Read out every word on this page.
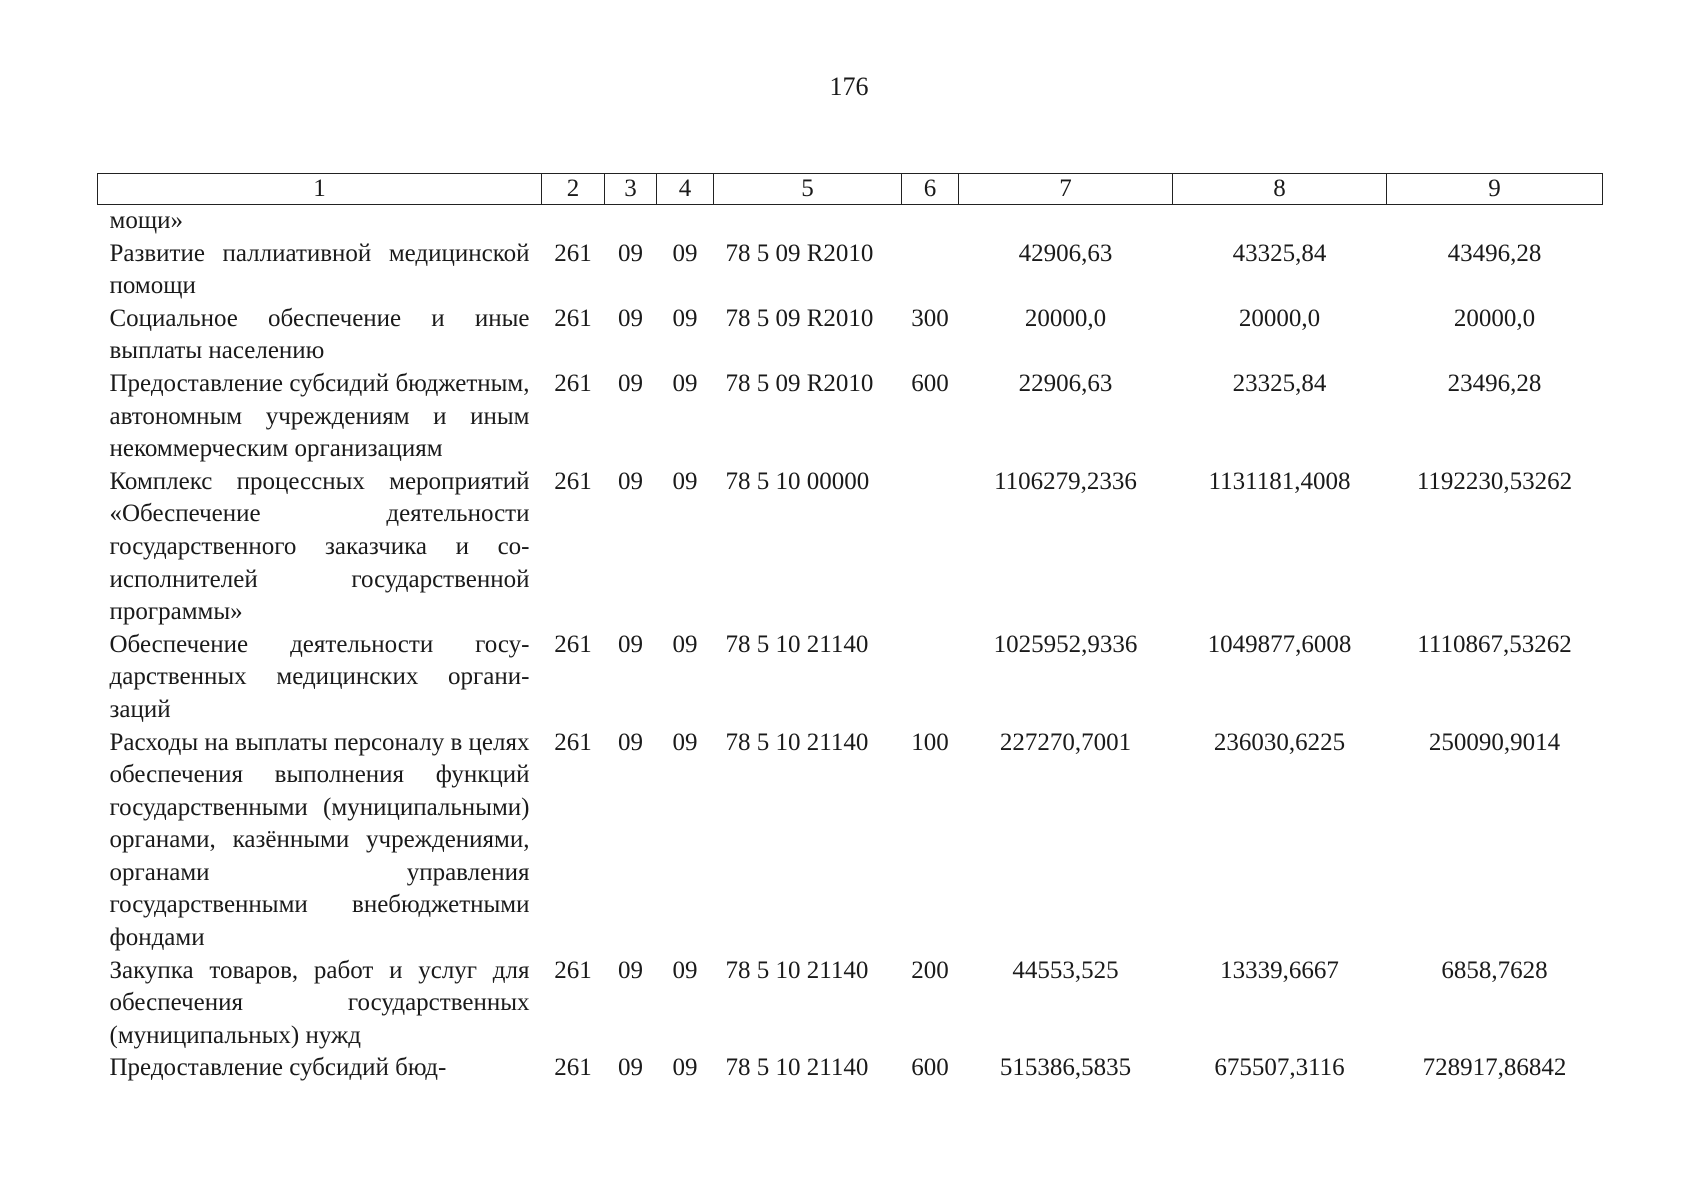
176
1	2	3	4	5	6	7	8	9
мощи»								
Развитие паллиативной медицинской помощи	261	09	09	78 5 09 R2010		42906,63	43325,84	43496,28
Социальное обеспечение и иные выплаты населению	261	09	09	78 5 09 R2010	300	20000,0	20000,0	20000,0
Предоставление субсидий бюджетным, автономным учреждениям и иным некоммерческим организациям	261	09	09	78 5 09 R2010	600	22906,63	23325,84	23496,28
Комплекс процессных мероприятий «Обеспечение деятельности государственного заказчика и соисполнителей государственной программы»	261	09	09	78 5 10 00000		1106279,2336	1131181,4008	1192230,53262
Обеспечение деятельности государственных медицинских организаций	261	09	09	78 5 10 21140		1025952,9336	1049877,6008	1110867,53262
Расходы на выплаты персоналу в целях обеспечения выполнения функций государственными (муниципальными) органами, казёнными учреждениями, органами управления государственными внебюджетными фондами	261	09	09	78 5 10 21140	100	227270,7001	236030,6225	250090,9014
Закупка товаров, работ и услуг для обеспечения государственных (муниципальных) нужд	261	09	09	78 5 10 21140	200	44553,525	13339,6667	6858,7628
Предоставление субсидий бюд-	261	09	09	78 5 10 21140	600	515386,5835	675507,3116	728917,86842
